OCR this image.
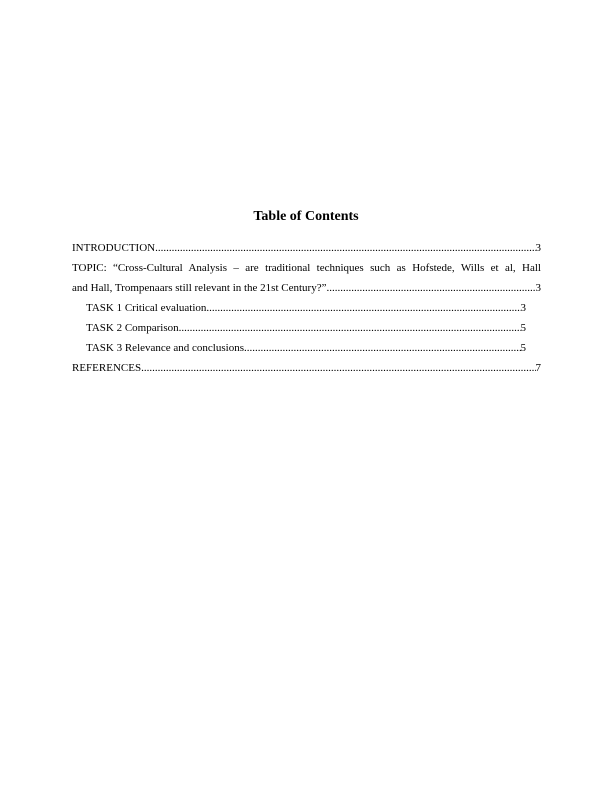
Table of Contents
INTRODUCTION .....	3
TOPIC: “Cross-Cultural Analysis – are traditional techniques such as Hofstede, Wills et al, Hall
and Hall, Trompenaars still relevant in the 21st Century?” .....	3
TASK 1 Critical evaluation .....	3
TASK 2 Comparison .....	5
TASK 3 Relevance and conclusions .....	5
REFERENCES .....	7
